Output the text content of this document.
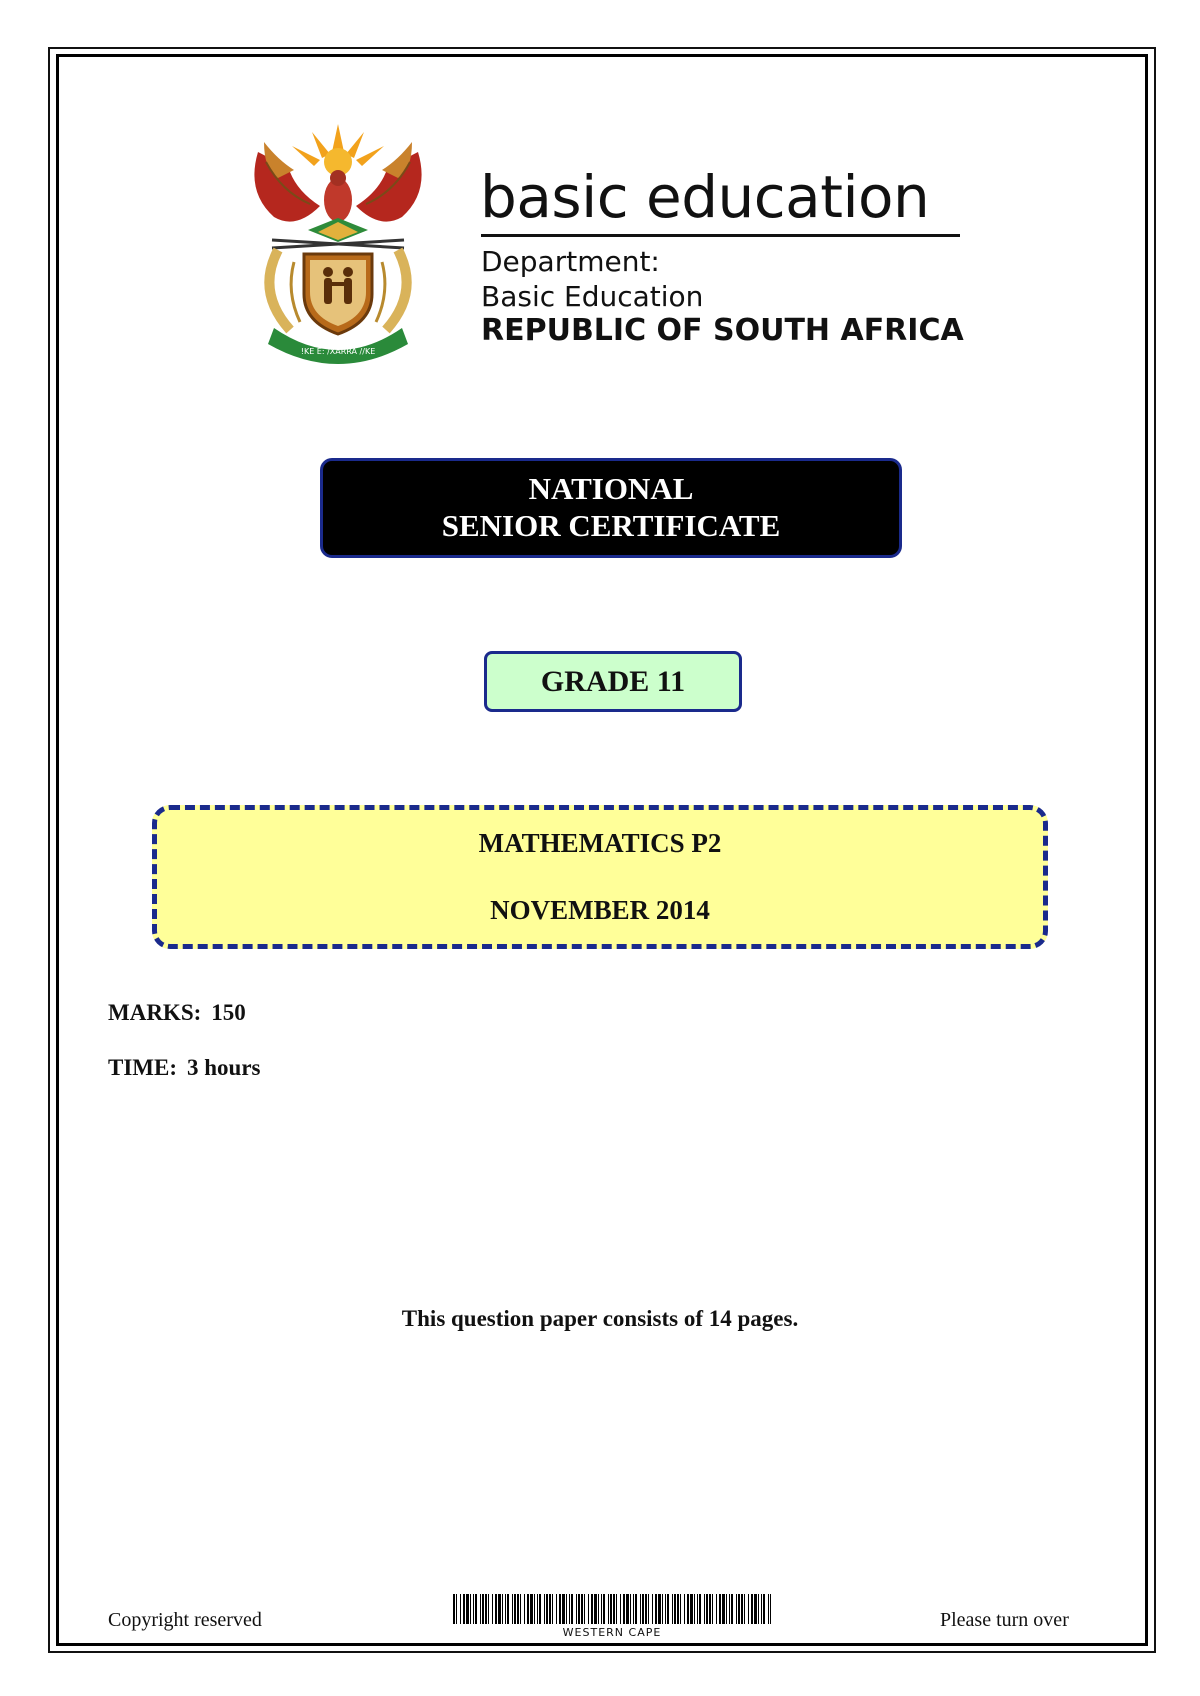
!KE E: /XARRA //KE
basic education
Department:
Basic Education
REPUBLIC OF SOUTH AFRICA
NATIONAL
SENIOR CERTIFICATE
GRADE 11
MATHEMATICS P2
NOVEMBER 2014
MARKS: 150
TIME: 3 hours
This question paper consists of 14 pages.
Copyright reserved
WESTERN CAPE
Please turn over
